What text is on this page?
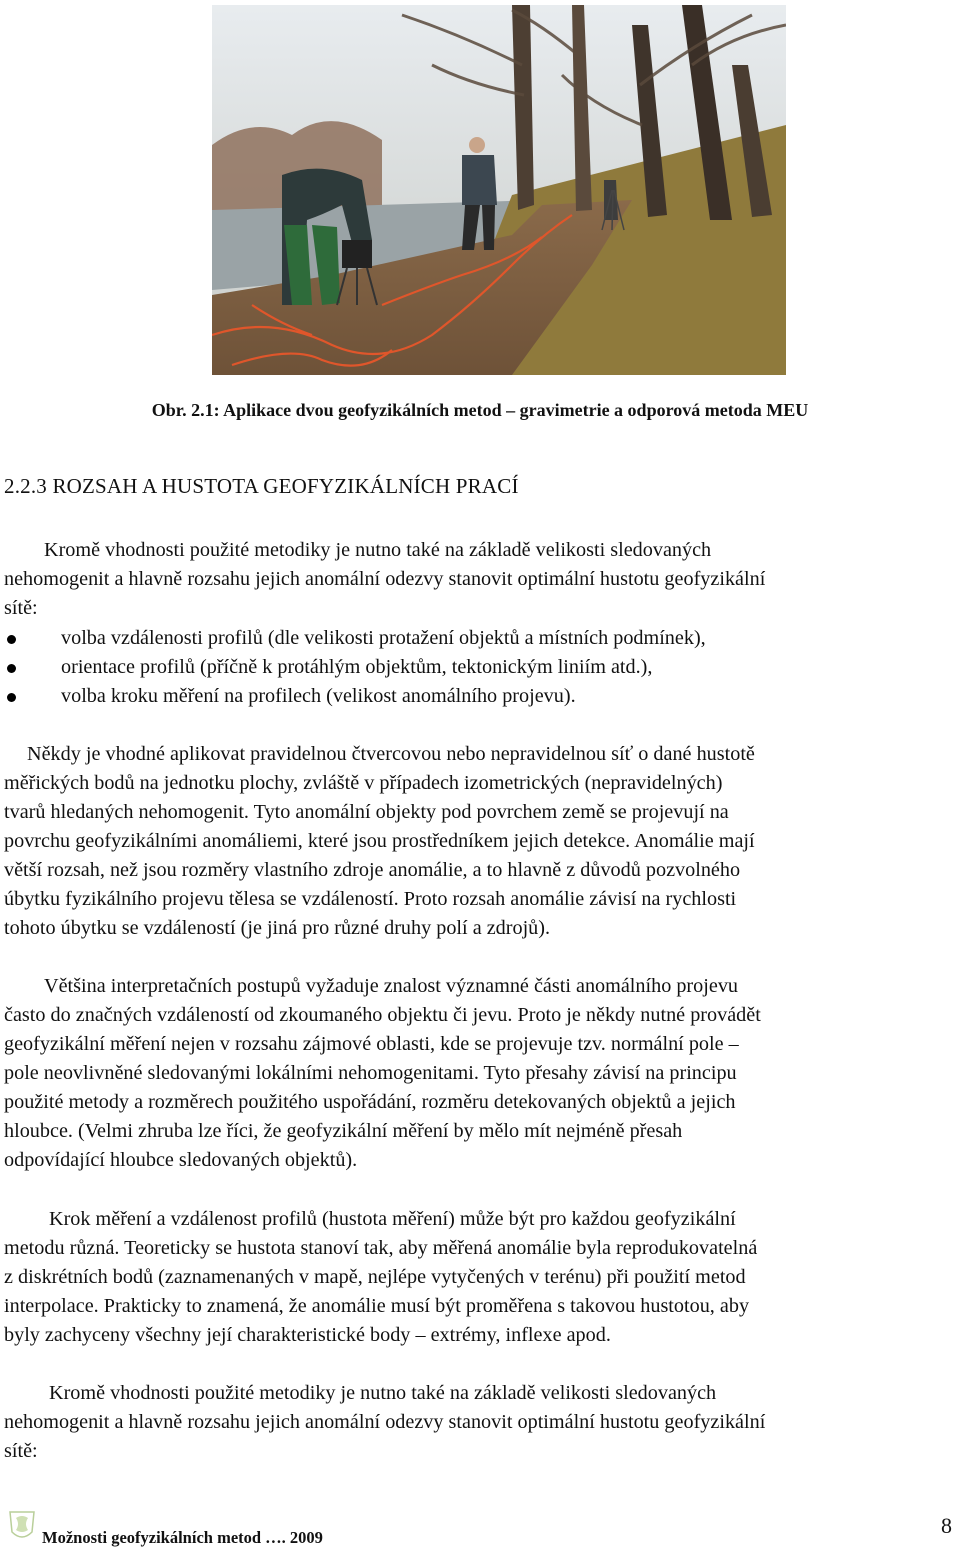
Obr. 2.1: Aplikace dvou geofyzikálních metod – gravimetrie a odporová metoda MEU
2.2.3 ROZSAH A HUSTOTA GEOFYZIKÁLNÍCH PRACÍ

Kromě vhodnosti použité metodiky je nutno také na základě velikosti sledovaných
nehomogenit a hlavně rozsahu jejich anomální odezvy stanovit optimální hustotu geofyzikální
sítě:

volba vzdálenosti profilů (dle velikosti protažení objektů a místních podmínek),
orientace profilů (příčně k protáhlým objektům, tektonickým liniím atd.),
volba kroku měření na profilech (velikost anomálního projevu).

Někdy je vhodné aplikovat pravidelnou čtvercovou nebo nepravidelnou síť o dané hustotě
měřických bodů na jednotku plochy, zvláště v případech izometrických (nepravidelných)
tvarů hledaných nehomogenit. Tyto anomální objekty pod povrchem země se projevují na
povrchu geofyzikálními anomáliemi, které jsou prostředníkem jejich detekce. Anomálie mají
větší rozsah, než jsou rozměry vlastního zdroje anomálie, a to hlavně z důvodů pozvolného
úbytku fyzikálního projevu tělesa se vzdáleností. Proto rozsah anomálie závisí na rychlosti
tohoto úbytku se vzdáleností (je jiná pro různé druhy polí a zdrojů).

Většina interpretačních postupů vyžaduje znalost významné části anomálního projevu
často do značných vzdáleností od zkoumaného objektu či jevu. Proto je někdy nutné provádět
geofyzikální měření nejen v rozsahu zájmové oblasti, kde se projevuje tzv. normální pole –
pole neovlivněné sledovanými lokálními nehomogenitami. Tyto přesahy závisí na principu
použité metody a rozměrech použitého uspořádání, rozměru detekovaných objektů a jejich
hloubce. (Velmi zhruba lze říci, že geofyzikální měření by mělo mít nejméně přesah
odpovídající hloubce sledovaných objektů).

Krok měření a vzdálenost profilů (hustota měření) může být pro každou geofyzikální
metodu různá. Teoreticky se hustota stanoví tak, aby měřená anomálie byla reprodukovatelná
z diskrétních bodů (zaznamenaných v mapě, nejlépe vytyčených v terénu) při použití metod
interpolace. Prakticky to znamená, že anomálie musí být proměřena s takovou hustotou, aby
byly zachyceny všechny její charakteristické body – extrémy, inflexe apod.

Kromě vhodnosti použité metodiky je nutno také na základě velikosti sledovaných
nehomogenit a hlavně rozsahu jejich anomální odezvy stanovit optimální hustotu geofyzikální
sítě:

Možnosti geofyzikálních metod …. 2009	8
